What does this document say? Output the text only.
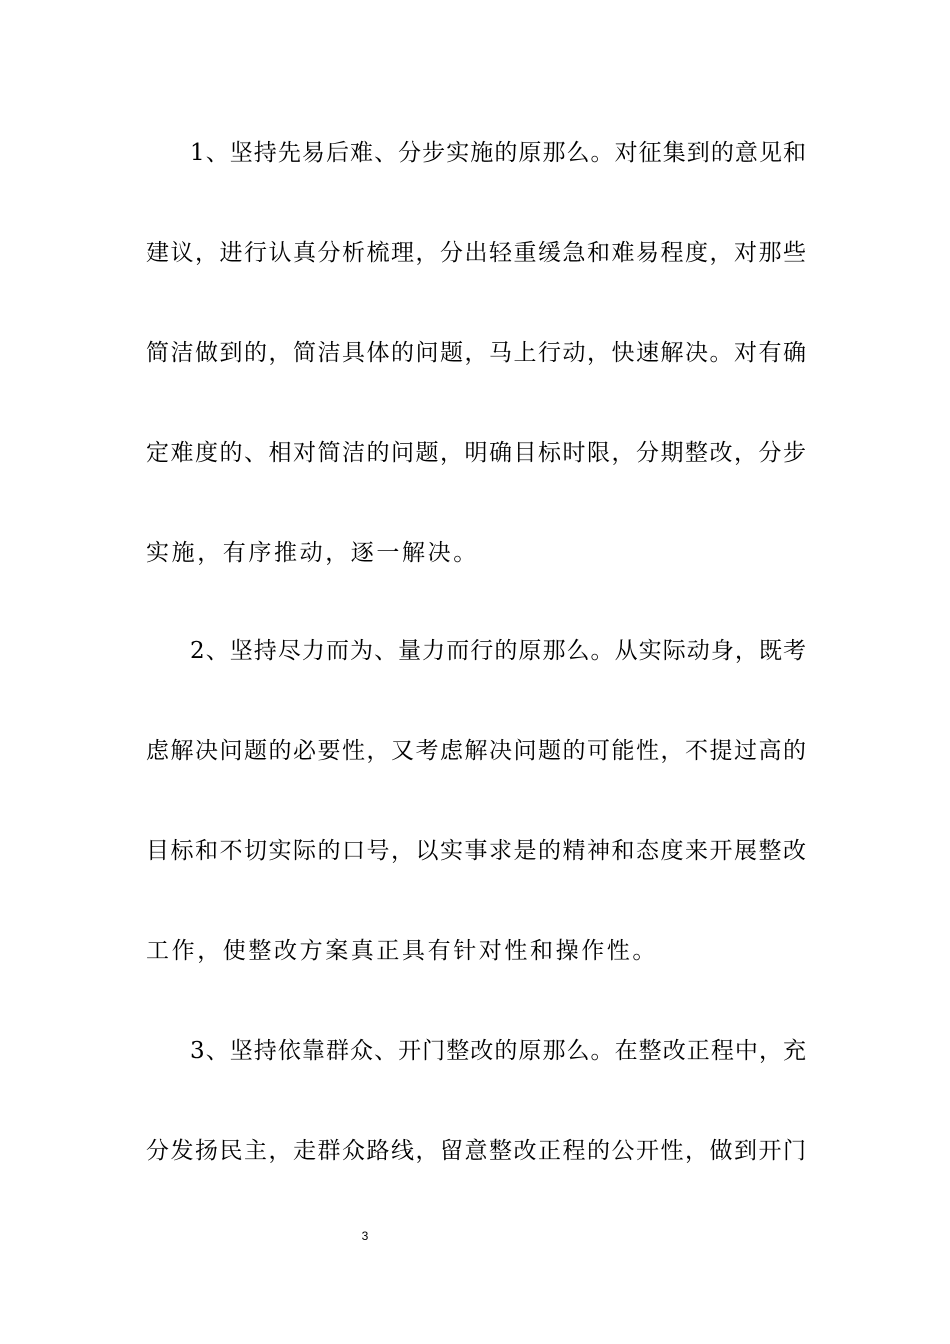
1、坚持先易后难、分步实施的原那么。对征集到的意见和
建议，进行认真分析梳理，分出轻重缓急和难易程度，对那些
简洁做到的，简洁具体的问题，马上行动，快速解决。对有确
定难度的、相对简洁的问题，明确目标时限，分期整改，分步
实施，有序推动，逐一解决。
2、坚持尽力而为、量力而行的原那么。从实际动身，既考
虑解决问题的必要性，又考虑解决问题的可能性，不提过高的
目标和不切实际的口号，以实事求是的精神和态度来开展整改
工作，使整改方案真正具有针对性和操作性。
3、坚持依靠群众、开门整改的原那么。在整改正程中，充
分发扬民主，走群众路线，留意整改正程的公开性，做到开门
3
